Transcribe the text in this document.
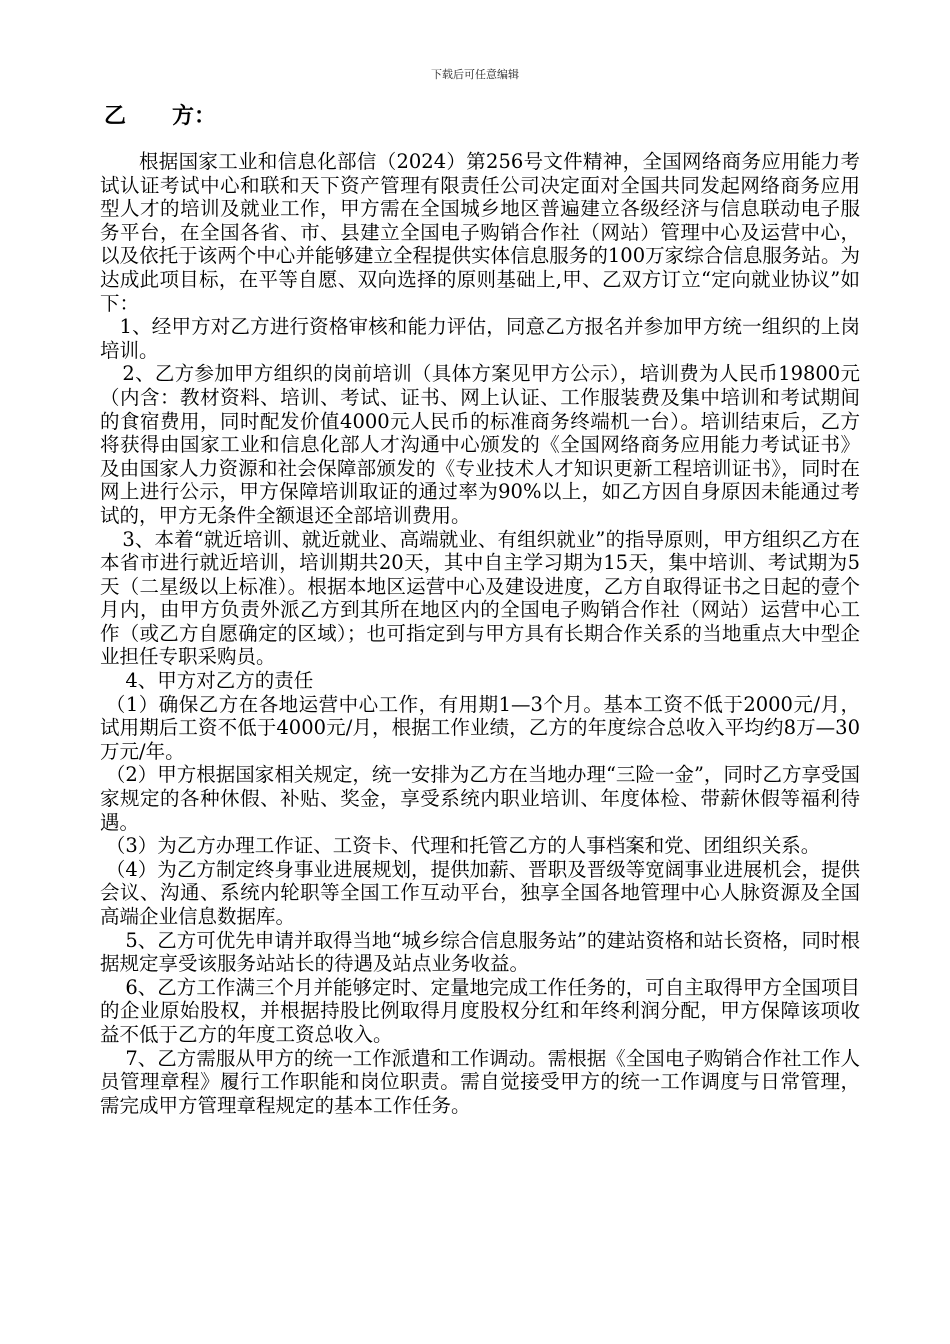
下载后可任意编辑
乙 方：

根据国家工业和信息化部信（2024）第256号文件精神，全国网络商务应用能力考试认证考试中心和联和天下资产管理有限责任公司决定面对全国共同发起网络商务应用型人才的培训及就业工作，甲方需在全国城乡地区普遍建立各级经济与信息联动电子服务平台，在全国各省、市、县建立全国电子购销合作社（网站）管理中心及运营中心，以及依托于该两个中心并能够建立全程提供实体信息服务的100万家综合信息服务站。为达成此项目标，在平等自愿、双向选择的原则基础上,甲、乙双方订立“定向就业协议”如下：

1、经甲方对乙方进行资格审核和能力评估，同意乙方报名并参加甲方统一组织的上岗培训。

2、乙方参加甲方组织的岗前培训（具体方案见甲方公示），培训费为人民币19800元（内含：教材资料、培训、考试、证书、网上认证、工作服装费及集中培训和考试期间的食宿费用，同时配发价值4000元人民币的标准商务终端机一台）。培训结束后，乙方将获得由国家工业和信息化部人才沟通中心颁发的《全国网络商务应用能力考试证书》及由国家人力资源和社会保障部颁发的《专业技术人才知识更新工程培训证书》，同时在网上进行公示，甲方保障培训取证的通过率为90%以上，如乙方因自身原因未能通过考试的，甲方无条件全额退还全部培训费用。

3、本着“就近培训、就近就业、高端就业、有组织就业”的指导原则，甲方组织乙方在本省市进行就近培训，培训期共20天，其中自主学习期为15天，集中培训、考试期为5天（二星级以上标准）。根据本地区运营中心及建设进度，乙方自取得证书之日起的壹个月内，由甲方负责外派乙方到其所在地区内的全国电子购销合作社（网站）运营中心工作（或乙方自愿确定的区域）；也可指定到与甲方具有长期合作关系的当地重点大中型企业担任专职采购员。

4、甲方对乙方的责任

（1）确保乙方在各地运营中心工作，有用期1—3个月。基本工资不低于2000元/月，试用期后工资不低于4000元/月，根据工作业绩，乙方的年度综合总收入平均约8万—30万元/年。

（2）甲方根据国家相关规定，统一安排为乙方在当地办理“三险一金”，同时乙方享受国家规定的各种休假、补贴、奖金，享受系统内职业培训、年度体检、带薪休假等福利待遇。

（3）为乙方办理工作证、工资卡、代理和托管乙方的人事档案和党、团组织关系。

（4）为乙方制定终身事业进展规划，提供加薪、晋职及晋级等宽阔事业进展机会，提供会议、沟通、系统内轮职等全国工作互动平台，独享全国各地管理中心人脉资源及全国高端企业信息数据库。

5、乙方可优先申请并取得当地“城乡综合信息服务站”的建站资格和站长资格，同时根据规定享受该服务站站长的待遇及站点业务收益。

6、乙方工作满三个月并能够定时、定量地完成工作任务的，可自主取得甲方全国项目的企业原始股权，并根据持股比例取得月度股权分红和年终利润分配，甲方保障该项收益不低于乙方的年度工资总收入。

7、乙方需服从甲方的统一工作派遣和工作调动。需根据《全国电子购销合作社工作人员管理章程》履行工作职能和岗位职责。需自觉接受甲方的统一工作调度与日常管理，需完成甲方管理章程规定的基本工作任务。
